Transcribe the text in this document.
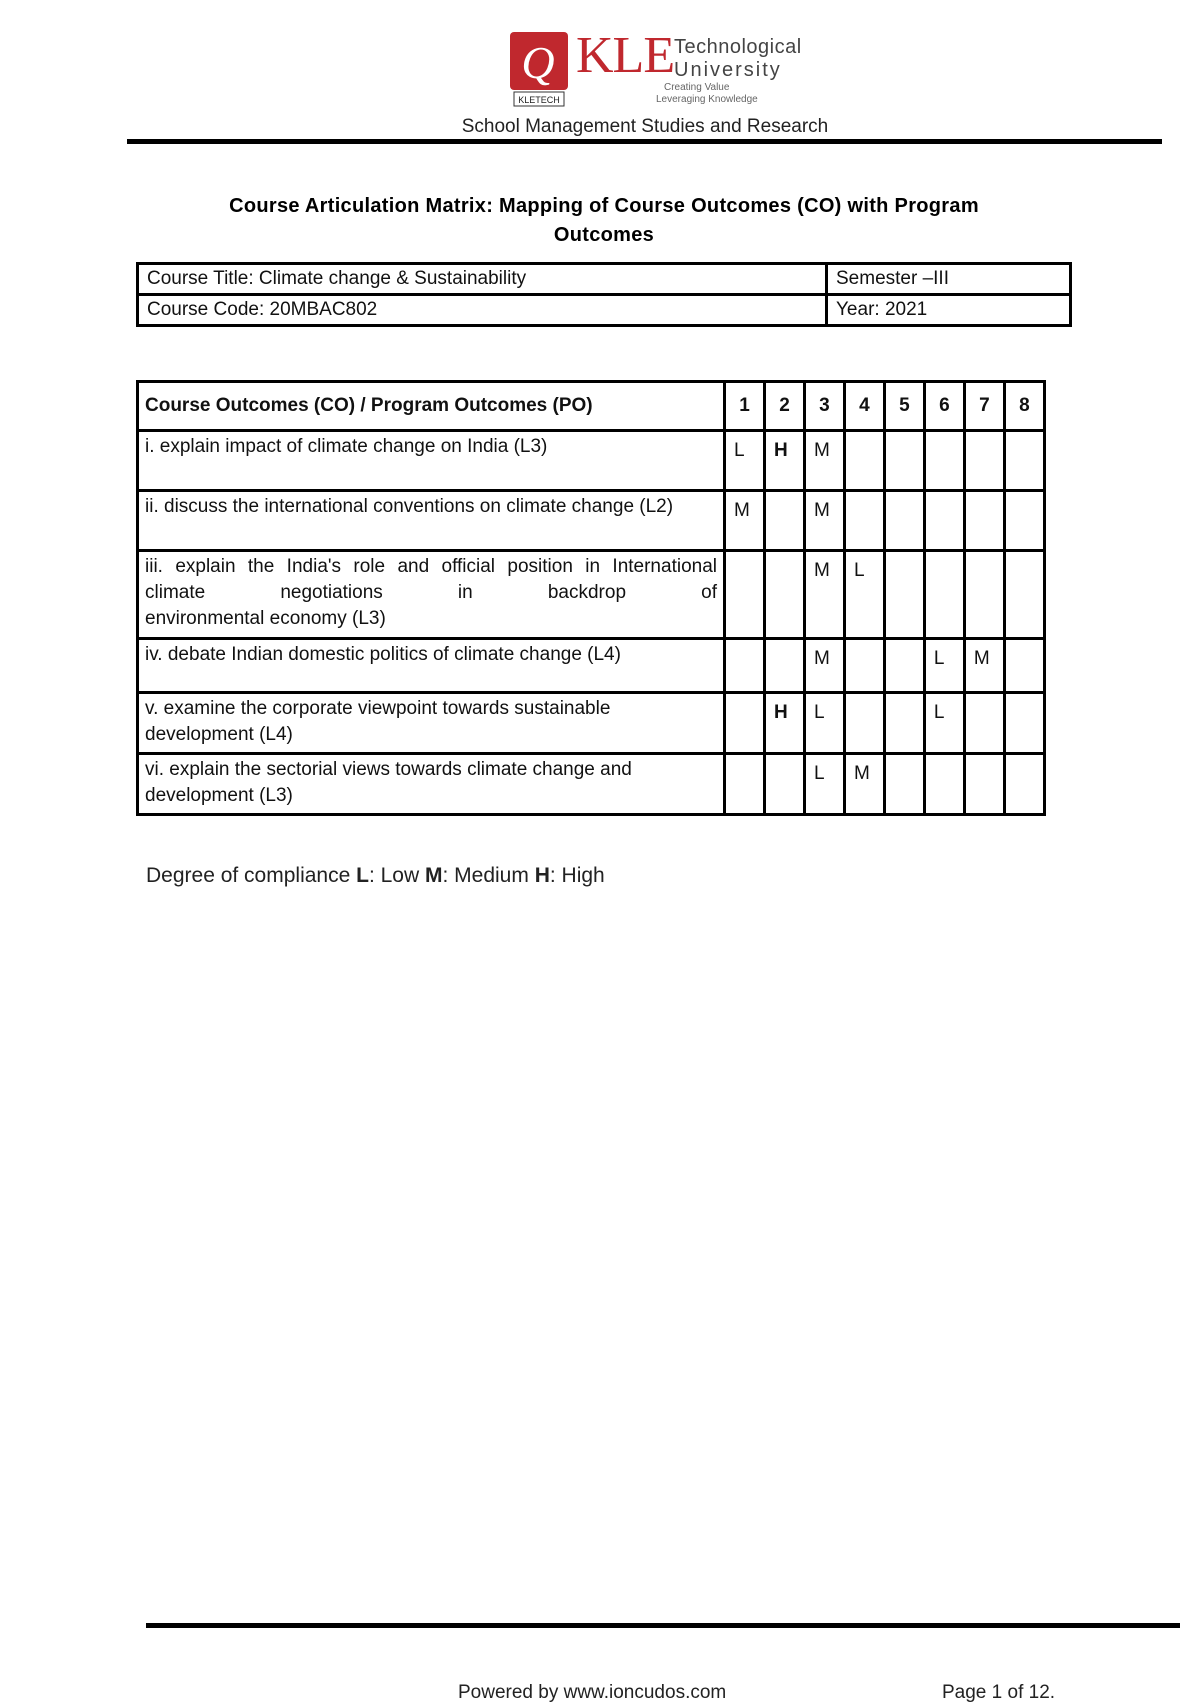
Q
KLETECH
KLE Technological
University
Creating Value
Leveraging Knowledge
School Management Studies and Research
Course Articulation Matrix: Mapping of Course Outcomes (CO) with Program
Outcomes
Course Title: Climate change & Sustainability	Semester –III
Course Code: 20MBAC802	Year: 2021
Course Outcomes (CO) / Program Outcomes (PO)	1	2	3	4	5	6	7	8
i. explain impact of climate change on India (L3)	L	H	M					
ii. discuss the international conventions on climate change (L2)	M		M					
iii. explain the India's role and official position in International climate negotiations in backdrop of
environmental economy (L3)			M	L				
iv. debate Indian domestic politics of climate change (L4)			M			L	M	
v. examine the corporate viewpoint towards sustainable development (L4)		H	L			L		
vi. explain the sectorial views towards climate change and development (L3)			L	M				
Degree of compliance L: Low M: Medium H: High
Powered by www.ioncudos.com	Page 1 of 12.
